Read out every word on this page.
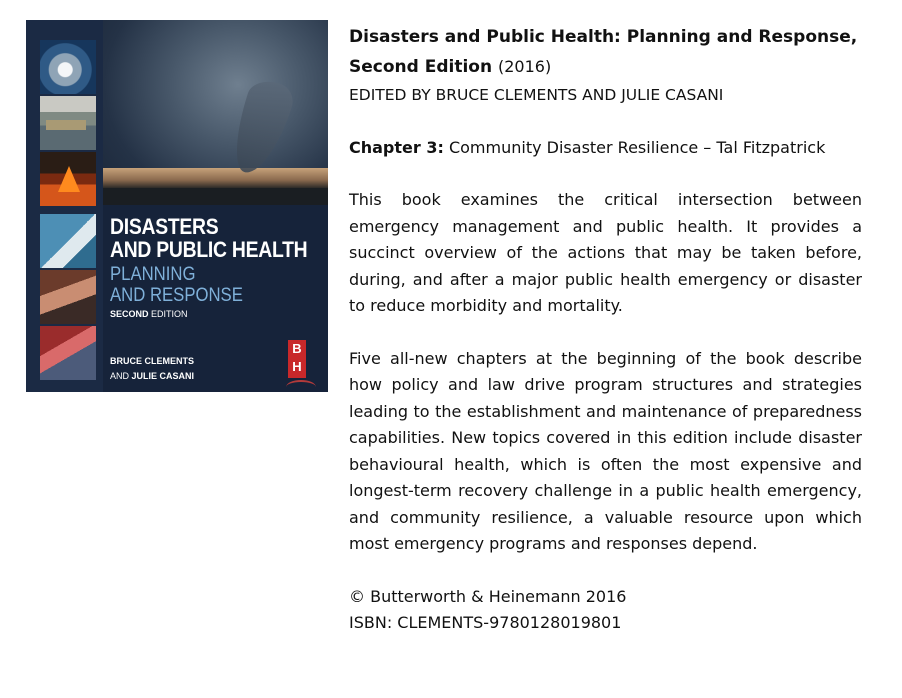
DISASTERS
AND PUBLIC HEALTH
PLANNING
AND RESPONSE
SECOND EDITION
BRUCE CLEMENTS
AND JULIE CASANI
B
H

Disasters and Public Health: Planning and Response,
Second Edition (2016)

EDITED BY BRUCE CLEMENTS AND JULIE CASANI

Chapter 3: Community Disaster Resilience – Tal Fitzpatrick

This book examines the critical intersection between emergency management and public health. It provides a succinct overview of the actions that may be taken before, during, and after a major public health emergency or disaster to reduce morbidity and mortality.

Five all-new chapters at the beginning of the book describe how policy and law drive program structures and strategies leading to the establishment and maintenance of preparedness capabilities. New topics covered in this edition include disaster behavioural health, which is often the most expensive and longest-term recovery challenge in a public health emergency, and community resilience, a valuable resource upon which most emergency programs and responses depend.

© Butterworth & Heinemann 2016
ISBN: CLEMENTS-9780128019801
